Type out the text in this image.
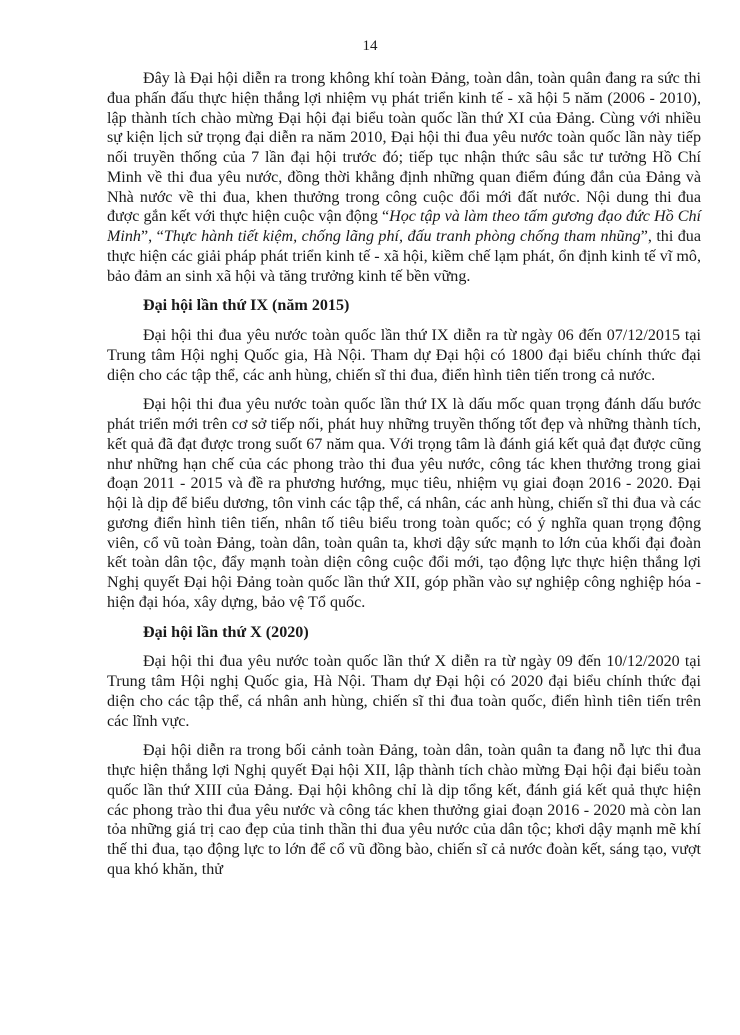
14

Đây là Đại hội diễn ra trong không khí toàn Đảng, toàn dân, toàn quân đang ra sức thi đua phấn đấu thực hiện thắng lợi nhiệm vụ phát triển kinh tế - xã hội 5 năm (2006 - 2010), lập thành tích chào mừng Đại hội đại biểu toàn quốc lần thứ XI của Đảng. Cùng với nhiều sự kiện lịch sử trọng đại diễn ra năm 2010, Đại hội thi đua yêu nước toàn quốc lần này tiếp nối truyền thống của 7 lần đại hội trước đó; tiếp tục nhận thức sâu sắc tư tưởng Hồ Chí Minh về thi đua yêu nước, đồng thời khẳng định những quan điểm đúng đắn của Đảng và Nhà nước về thi đua, khen thưởng trong công cuộc đổi mới đất nước. Nội dung thi đua được gắn kết với thực hiện cuộc vận động “Học tập và làm theo tấm gương đạo đức Hồ Chí Minh”, “Thực hành tiết kiệm, chống lãng phí, đấu tranh phòng chống tham nhũng”, thi đua thực hiện các giải pháp phát triển kinh tế - xã hội, kiềm chế lạm phát, ổn định kinh tế vĩ mô, bảo đảm an sinh xã hội và tăng trưởng kinh tế bền vững.

Đại hội lần thứ IX (năm 2015)

Đại hội thi đua yêu nước toàn quốc lần thứ IX diễn ra từ ngày 06 đến 07/12/2015 tại Trung tâm Hội nghị Quốc gia, Hà Nội. Tham dự Đại hội có 1800 đại biểu chính thức đại diện cho các tập thể, các anh hùng, chiến sĩ thi đua, điển hình tiên tiến trong cả nước.

Đại hội thi đua yêu nước toàn quốc lần thứ IX là dấu mốc quan trọng đánh dấu bước phát triển mới trên cơ sở tiếp nối, phát huy những truyền thống tốt đẹp và những thành tích, kết quả đã đạt được trong suốt 67 năm qua. Với trọng tâm là đánh giá kết quả đạt được cũng như những hạn chế của các phong trào thi đua yêu nước, công tác khen thưởng trong giai đoạn 2011 - 2015 và đề ra phương hướng, mục tiêu, nhiệm vụ giai đoạn 2016 - 2020. Đại hội là dịp để biểu dương, tôn vinh các tập thể, cá nhân, các anh hùng, chiến sĩ thi đua và các gương điển hình tiên tiến, nhân tố tiêu biểu trong toàn quốc; có ý nghĩa quan trọng động viên, cổ vũ toàn Đảng, toàn dân, toàn quân ta, khơi dậy sức mạnh to lớn của khối đại đoàn kết toàn dân tộc, đẩy mạnh toàn diện công cuộc đổi mới, tạo động lực thực hiện thắng lợi Nghị quyết Đại hội Đảng toàn quốc lần thứ XII, góp phần vào sự nghiệp công nghiệp hóa - hiện đại hóa, xây dựng, bảo vệ Tổ quốc.

Đại hội lần thứ X (2020)

Đại hội thi đua yêu nước toàn quốc lần thứ X diễn ra từ ngày 09 đến 10/12/2020 tại Trung tâm Hội nghị Quốc gia, Hà Nội. Tham dự Đại hội có 2020 đại biểu chính thức đại diện cho các tập thể, cá nhân anh hùng, chiến sĩ thi đua toàn quốc, điển hình tiên tiến trên các lĩnh vực.

Đại hội diễn ra trong bối cảnh toàn Đảng, toàn dân, toàn quân ta đang nỗ lực thi đua thực hiện thắng lợi Nghị quyết Đại hội XII, lập thành tích chào mừng Đại hội đại biểu toàn quốc lần thứ XIII của Đảng. Đại hội không chỉ là dịp tổng kết, đánh giá kết quả thực hiện các phong trào thi đua yêu nước và công tác khen thưởng giai đoạn 2016 - 2020 mà còn lan tỏa những giá trị cao đẹp của tinh thần thi đua yêu nước của dân tộc; khơi dậy mạnh mẽ khí thế thi đua, tạo động lực to lớn để cổ vũ đồng bào, chiến sĩ cả nước đoàn kết, sáng tạo, vượt qua khó khăn, thử
